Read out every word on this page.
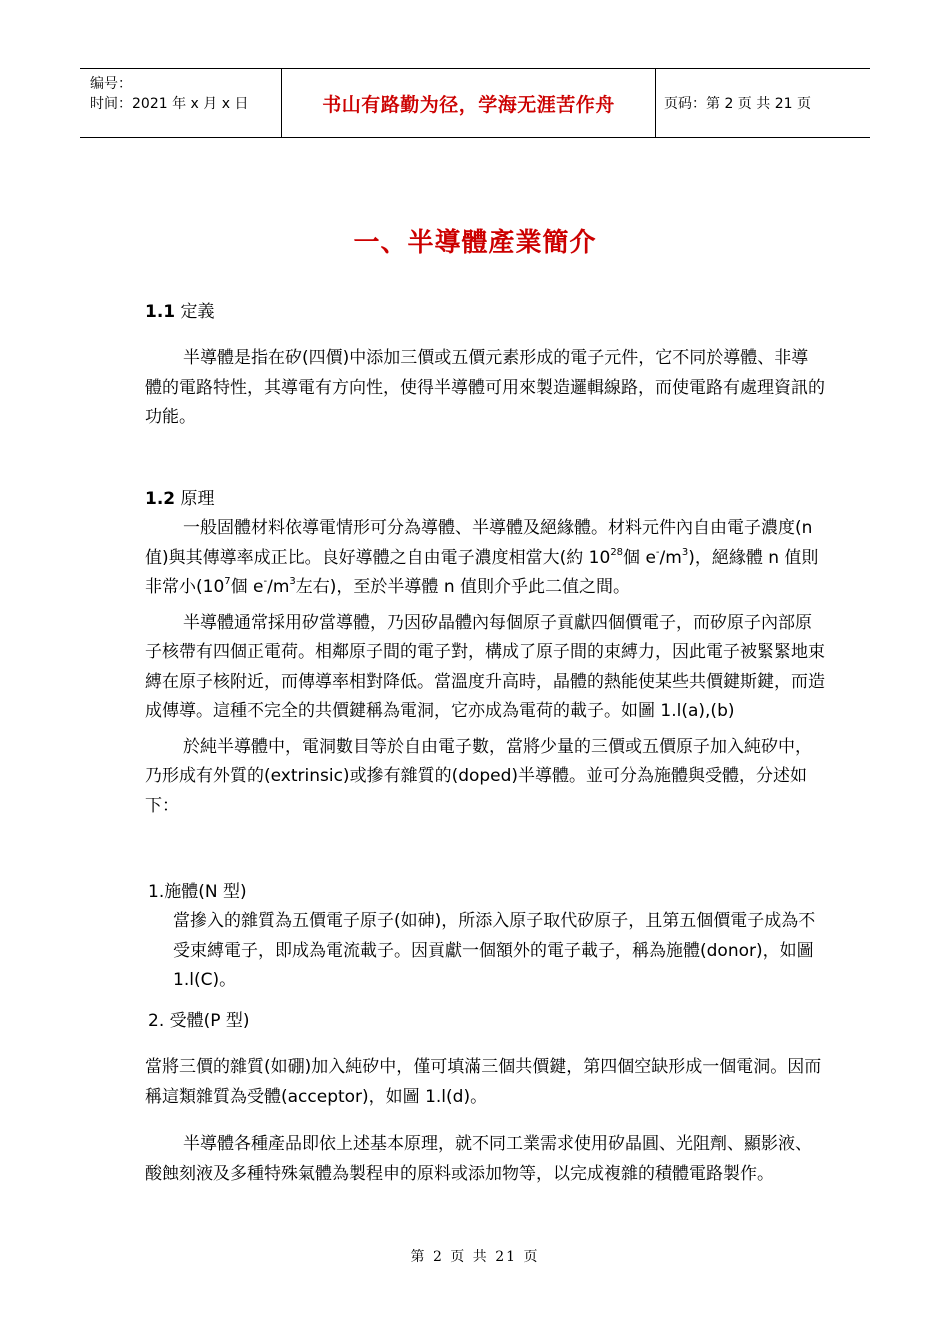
编号：
时间：2021 年 x 月 x 日	书山有路勤为径，学海无涯苦作舟	页码：第 2 页 共 21 页
一、半導體產業簡介
1.1 定義

半導體是指在矽(四價)中添加三價或五價元素形成的電子元件，它不同於導體、非導體的電路特性，其導電有方向性，使得半導體可用來製造邏輯線路，而使電路有處理資訊的功能。

1.2 原理

一般固體材料依導電情形可分為導體、半導體及絕緣體。材料元件內自由電子濃度(n 值)與其傳導率成正比。良好導體之自由電子濃度相當大(約 $10^{28}$個 $e^-/m^3$)，絕緣體 n 值則非常小($10^7$個 $e^-/m^3$左右)，至於半導體 n 值則介乎此二值之間。

半導體通常採用矽當導體，乃因矽晶體內每個原子貢獻四個價電子，而矽原子內部原子核帶有四個正電荷。相鄰原子間的電子對，構成了原子間的束縛力，因此電子被緊緊地束縛在原子核附近，而傳導率相對降低。當溫度升高時，晶體的熱能使某些共價鍵斯鍵，而造成傳導。這種不完全的共價鍵稱為電洞，它亦成為電荷的載子。如圖 1.l(a),(b)

於純半導體中，電洞數目等於自由電子數，當將少量的三價或五價原子加入純矽中，乃形成有外質的(extrinsic)或摻有雜質的(doped)半導體。並可分為施體與受體，分述如下：

1.施體(N 型)
當摻入的雜質為五價電子原子(如砷)，所添入原子取代矽原子，且第五個價電子成為不受束縛電子，即成為電流載子。因貢獻一個額外的電子載子，稱為施體(donor)，如圖 1.l(C)。
2. 受體(P 型)

當將三價的雜質(如硼)加入純矽中，僅可填滿三個共價鍵，第四個空缺形成一個電洞。因而稱這類雜質為受體(acceptor)，如圖 1.l(d)。

半導體各種產品即依上述基本原理，就不同工業需求使用矽晶圓、光阻劑、顯影液、酸蝕刻液及多種特殊氣體為製程申的原料或添加物等，以完成複雜的積體電路製作。

第 2 页 共 21 页
